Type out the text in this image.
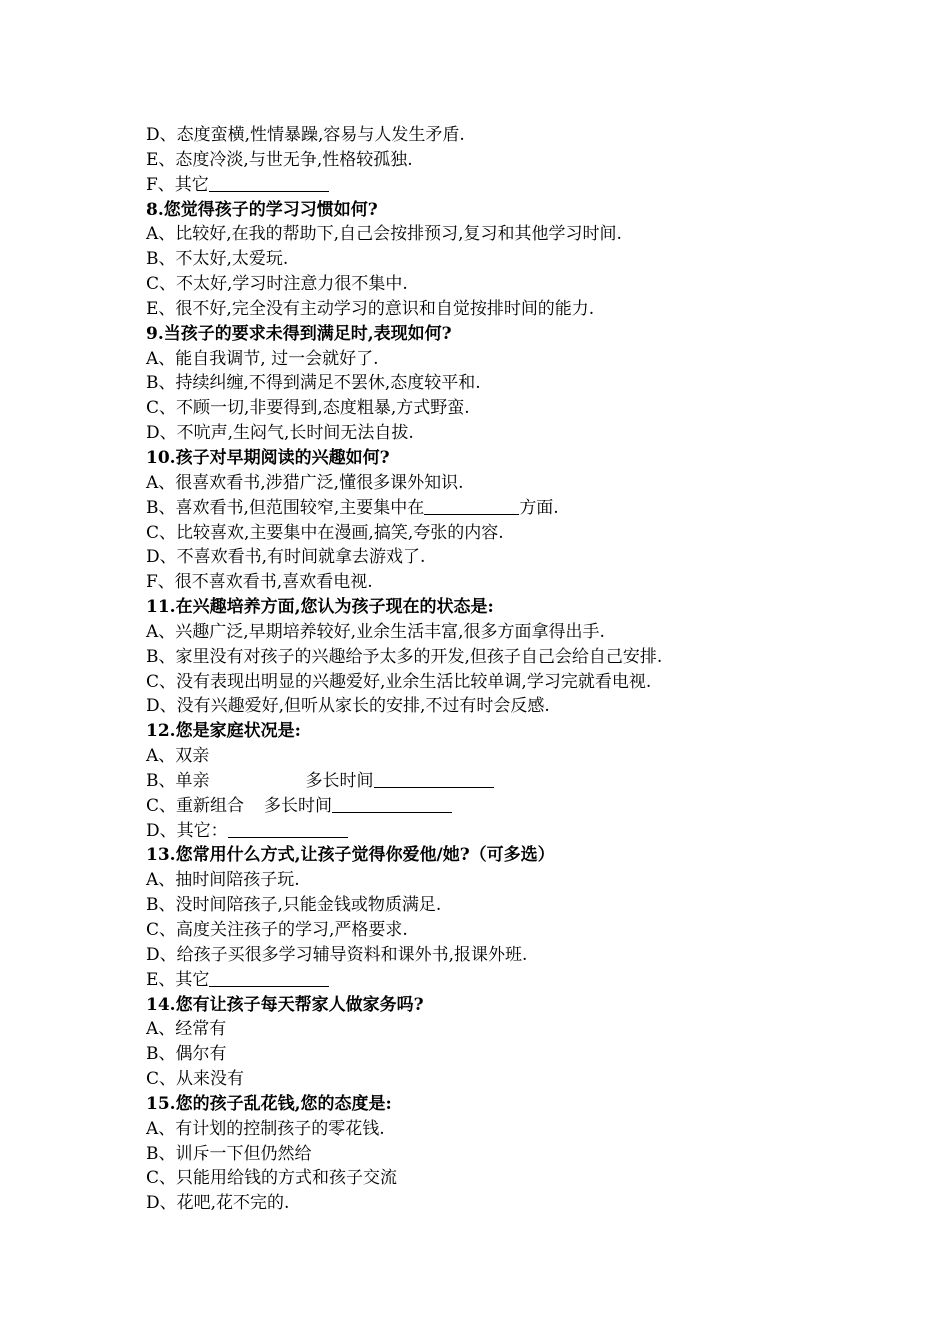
D、态度蛮横,性情暴躁,容易与人发生矛盾.
E、态度冷淡,与世无争,性格较孤独.
F、其它
8.您觉得孩子的学习习惯如何?
A、比较好,在我的帮助下,自己会按排预习,复习和其他学习时间.
B、不太好,太爱玩.
C、不太好,学习时注意力很不集中.
E、很不好,完全没有主动学习的意识和自觉按排时间的能力.
9.当孩子的要求未得到满足时,表现如何?
A、能自我调节, 过一会就好了.
B、持续纠缠,不得到满足不罢休,态度较平和.
C、不顾一切,非要得到,态度粗暴,方式野蛮.
D、不吭声,生闷气,长时间无法自拔.
10.孩子对早期阅读的兴趣如何?
A、很喜欢看书,涉猎广泛,懂很多课外知识.
B、喜欢看书,但范围较窄,主要集中在	方面.
C、比较喜欢,主要集中在漫画,搞笑,夸张的内容.
D、不喜欢看书,有时间就拿去游戏了.
F、很不喜欢看书,喜欢看电视.
11.在兴趣培养方面,您认为孩子现在的状态是:
A、兴趣广泛,早期培养较好,业余生活丰富,很多方面拿得出手.
B、家里没有对孩子的兴趣给予太多的开发,但孩子自己会给自己安排.
C、没有表现出明显的兴趣爱好,业余生活比较单调,学习完就看电视.
D、没有兴趣爱好,但听从家长的安排,不过有时会反感.
12.您是家庭状况是:
A、双亲
B、单亲	多长时间
C、重新组合 多长时间
D、其它：
13.您常用什么方式,让孩子觉得你爱他/她?（可多选）
A、抽时间陪孩子玩.
B、没时间陪孩子,只能金钱或物质满足.
C、高度关注孩子的学习,严格要求.
D、给孩子买很多学习辅导资料和课外书,报课外班.
E、其它
14.您有让孩子每天帮家人做家务吗?
A、经常有
B、偶尔有
C、从来没有
15.您的孩子乱花钱,您的态度是:
A、有计划的控制孩子的零花钱.
B、训斥一下但仍然给
C、只能用给钱的方式和孩子交流
D、花吧,花不完的.
